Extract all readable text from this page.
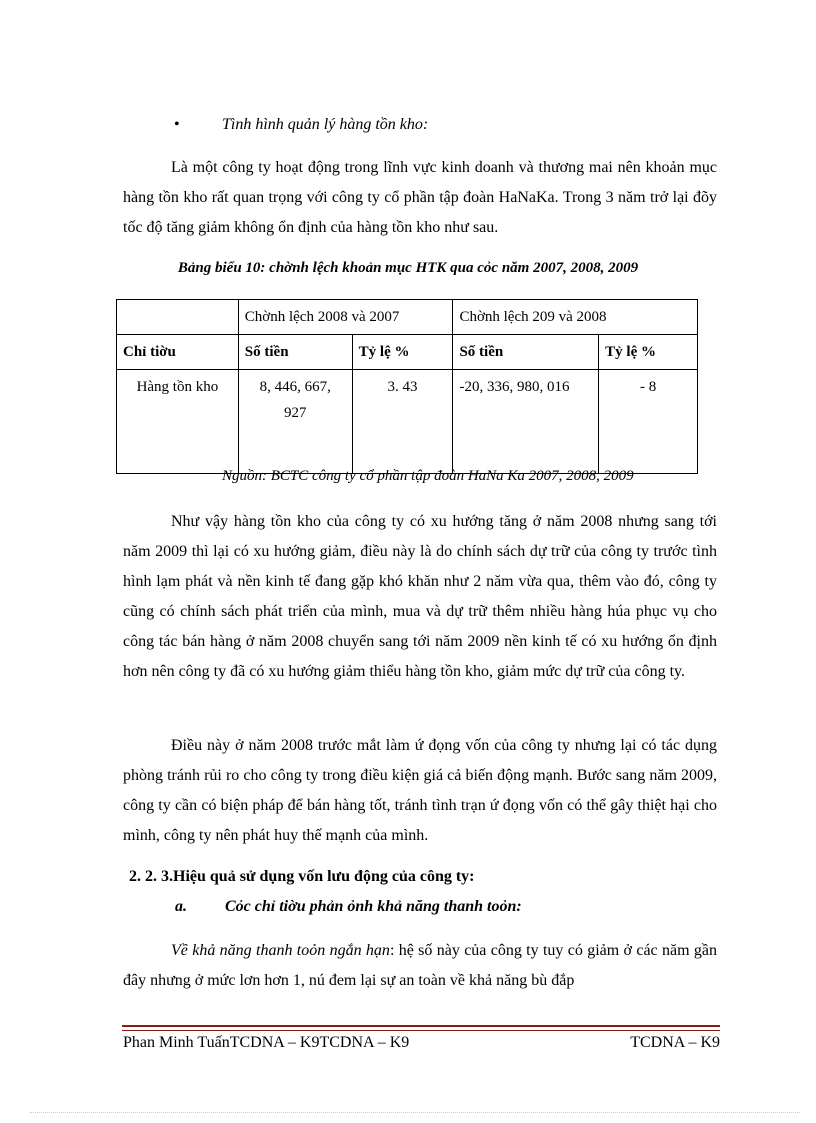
•	Tình hình quản lý hàng tồn kho:

Là một công ty hoạt động trong lĩnh vực kinh doanh và thương mai nên khoản mục hàng tồn kho rất quan trọng với công ty cổ phần tập đoàn HaNaKa. Trong 3 năm trở lại đõy tốc độ tăng giảm không ổn định của hàng tồn kho như sau.

Bảng biểu 10: chờnh lệch khoản mục HTK qua cỏc năm 2007, 2008, 2009
	Chờnh lệch 2008 và 2007		Chờnh lệch 209 và 2008	
Chỉ tiờu	Số tiền	Tỷ lệ %	Số tiền	Tỷ lệ %
Hàng tồn kho	8, 446, 667, 927	3. 43	-20, 336, 980, 016	- 8
Nguồn: BCTC công ty cổ phần tập đoàn HaNa Ka 2007, 2008, 2009

Như vậy hàng tồn kho của công ty có xu hướng tăng ở năm 2008 nhưng sang tới năm 2009 thì lại có xu hướng giảm, điều này là do chính sách dự trữ của công ty trước tình hình lạm phát và nền kinh tế đang gặp khó khăn như 2 năm vừa qua, thêm vào đó, công ty cũng có chính sách phát triển của mình, mua và dự trữ thêm nhiều hàng húa phục vụ cho công tác bán hàng ở năm 2008 chuyển sang tới năm 2009 nền kinh tế có xu hướng ổn định hơn nên công ty đã có xu hướng giảm thiểu hàng tồn kho, giảm mức dự trữ của công ty.

Điều này ở năm 2008 trước mắt làm ứ đọng vốn của công ty nhưng lại có tác dụng phòng tránh rủi ro cho công ty trong điều kiện giá cả biến động mạnh. Bước sang năm 2009, công ty cần có biện pháp để bán hàng tốt, tránh tình trạn ứ đọng vốn có thể gây thiệt hại cho mình, công ty nên phát huy thế mạnh của mình.

2. 2. 3.Hiệu quả sử dụng vốn lưu động của công ty:
a. Cỏc chỉ tiờu phản ỏnh khả năng thanh toỏn:

Về khả năng thanh toỏn ngắn hạn: hệ số này của công ty tuy có giảm ở các năm gần đây nhưng ở mức lơn hơn 1, nú đem lại sự an toàn về khả năng bù đắp

Phan Minh TuấnTCDNA – K9TCDNA – K9	TCDNA – K9
